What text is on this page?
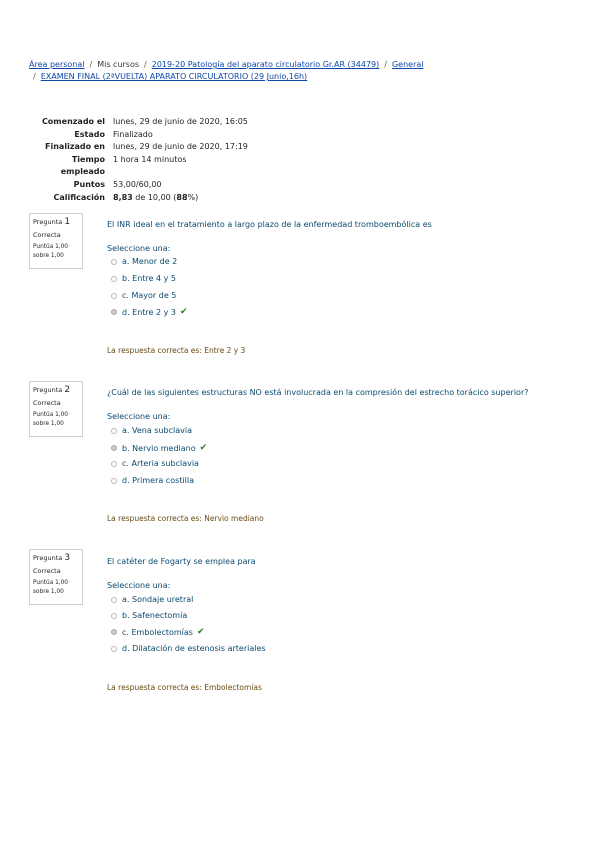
Área personal / Mis cursos / 2019-20 Patología del aparato circulatorio Gr.AR (34479) / General
/ EXAMEN FINAL (2ªVUELTA) APARATO CIRCULATORIO (29 Junio,16h)
Comenzado el	lunes, 29 de junio de 2020, 16:05
Estado	Finalizado
Finalizado en	lunes, 29 de junio de 2020, 17:19
Tiempo
empleado	1 hora 14 minutos
Puntos	53,00/60,00
Calificación	8,83 de 10,00 (88%)
Pregunta 1
Correcta
Puntúa 1,00
sobre 1,00
El INR ideal en el tratamiento a largo plazo de la enfermedad tromboembólica es
Seleccione una:
a. Menor de 2
b. Entre 4 y 5
c. Mayor de 5
d. Entre 2 y 3 ✔
La respuesta correcta es: Entre 2 y 3
Pregunta 2
Correcta
Puntúa 1,00
sobre 1,00
¿Cuál de las siguientes estructuras NO está involucrada en la compresión del estrecho torácico superior?
Seleccione una:
a. Vena subclavia
b. Nervio mediano ✔
c. Arteria subclavia
d. Primera costilla
La respuesta correcta es: Nervio mediano
Pregunta 3
Correcta
Puntúa 1,00
sobre 1,00
El catéter de Fogarty se emplea para
Seleccione una:
a. Sondaje uretral
b. Safenectomía
c. Embolectomías ✔
d. Dilatación de estenosis arteriales
La respuesta correcta es: Embolectomías
